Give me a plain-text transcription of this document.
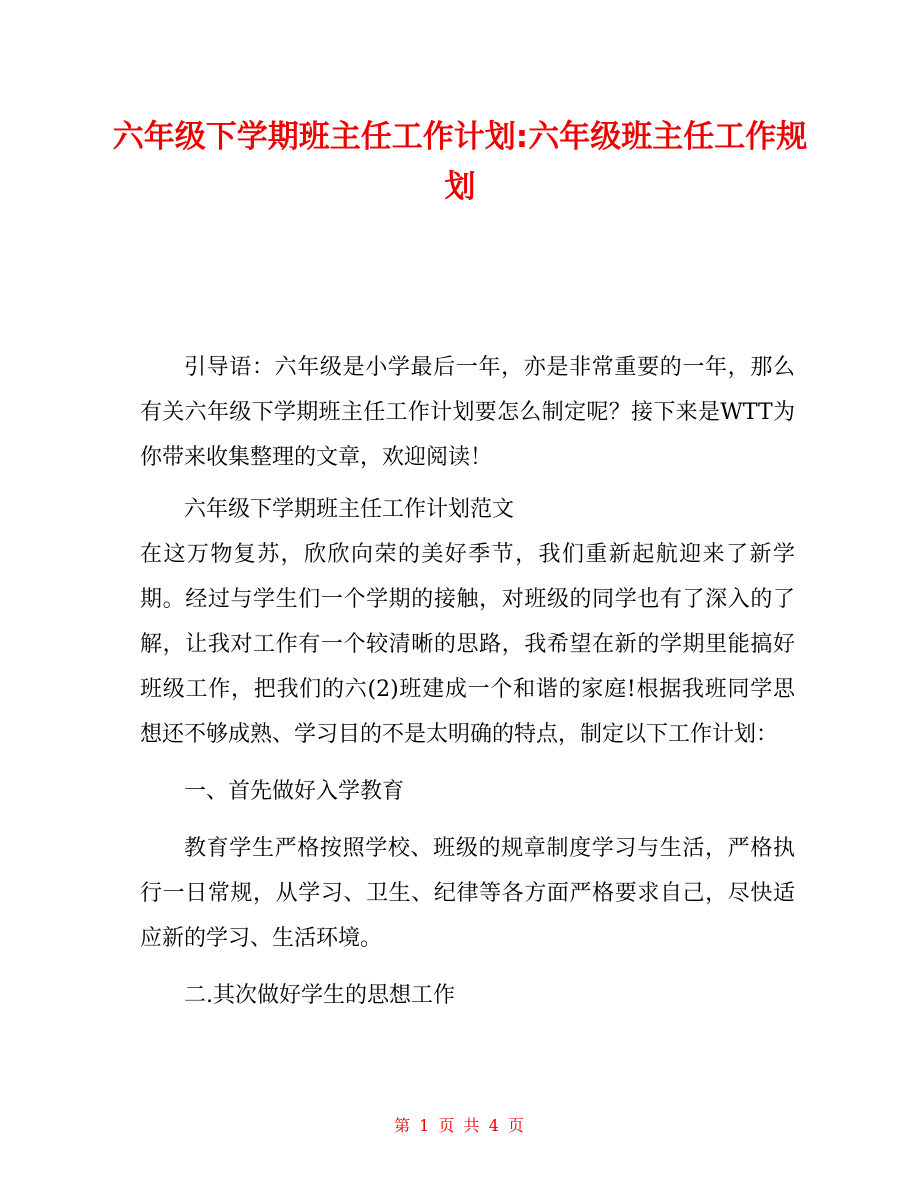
六年级下学期班主任工作计划:六年级班主任工作规划

引导语：六年级是小学最后一年，亦是非常重要的一年，那么有关六年级下学期班主任工作计划要怎么制定呢？接下来是WTT为你带来收集整理的文章，欢迎阅读！

六年级下学期班主任工作计划范文

在这万物复苏，欣欣向荣的美好季节，我们重新起航迎来了新学期。经过与学生们一个学期的接触，对班级的同学也有了深入的了解，让我对工作有一个较清晰的思路，我希望在新的学期里能搞好班级工作，把我们的六(2)班建成一个和谐的家庭!根据我班同学思想还不够成熟、学习目的不是太明确的特点，制定以下工作计划：

一、首先做好入学教育

教育学生严格按照学校、班级的规章制度学习与生活，严格执行一日常规，从学习、卫生、纪律等各方面严格要求自己，尽快适应新的学习、生活环境。

二.其次做好学生的思想工作

第 1 页 共 4 页
